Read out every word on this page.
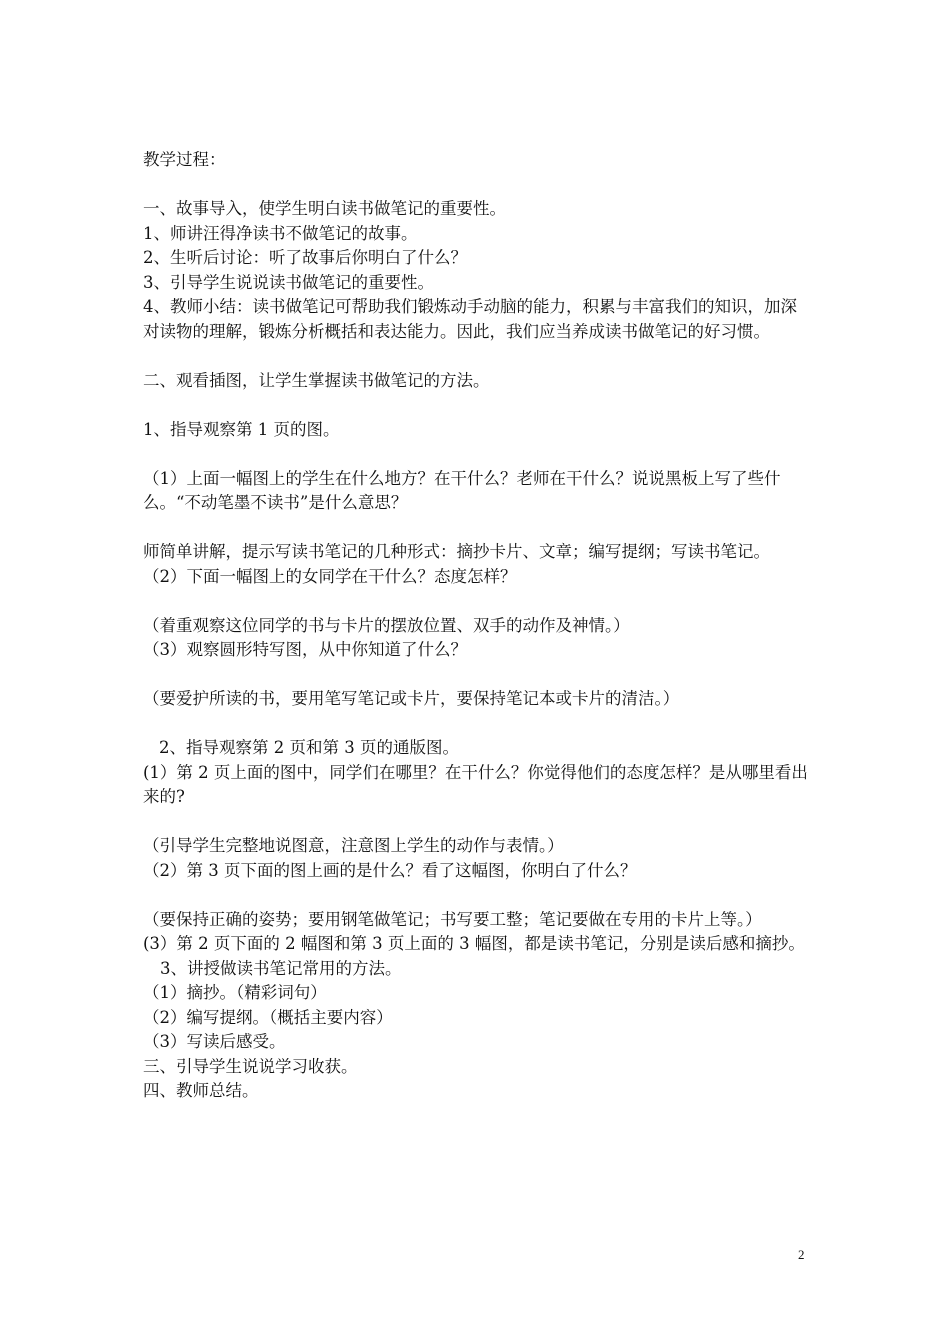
教学过程：

一、故事导入，使学生明白读书做笔记的重要性。

1、师讲汪得净读书不做笔记的故事。

2、生听后讨论：听了故事后你明白了什么？

3、引导学生说说读书做笔记的重要性。

4、教师小结：读书做笔记可帮助我们锻炼动手动脑的能力，积累与丰富我们的知识，加深对读物的理解，锻炼分析概括和表达能力。因此，我们应当养成读书做笔记的好习惯。

二、观看插图，让学生掌握读书做笔记的方法。

1、指导观察第 1 页的图。

（1）上面一幅图上的学生在什么地方？在干什么？老师在干什么？说说黑板上写了些什么。“不动笔墨不读书”是什么意思？

师简单讲解，提示写读书笔记的几种形式：摘抄卡片、文章；编写提纲；写读书笔记。

（2）下面一幅图上的女同学在干什么？态度怎样？

（着重观察这位同学的书与卡片的摆放位置、双手的动作及神情。）

（3）观察圆形特写图，从中你知道了什么？

（要爱护所读的书，要用笔写笔记或卡片，要保持笔记本或卡片的清洁。）

2、指导观察第 2 页和第 3 页的通版图。

(1）第 2 页上面的图中，同学们在哪里？在干什么？你觉得他们的态度怎样？是从哪里看出来的?

（引导学生完整地说图意，注意图上学生的动作与表情。）

（2）第 3 页下面的图上画的是什么？看了这幅图，你明白了什么？

（要保持正确的姿势；要用钢笔做笔记；书写要工整；笔记要做在专用的卡片上等。）

(3）第 2 页下面的 2 幅图和第 3 页上面的 3 幅图，都是读书笔记，分别是读后感和摘抄。

3、讲授做读书笔记常用的方法。

（1）摘抄。（精彩词句）

（2）编写提纲。（概括主要内容）

（3）写读后感受。

三、引导学生说说学习收获。

四、教师总结。

2
